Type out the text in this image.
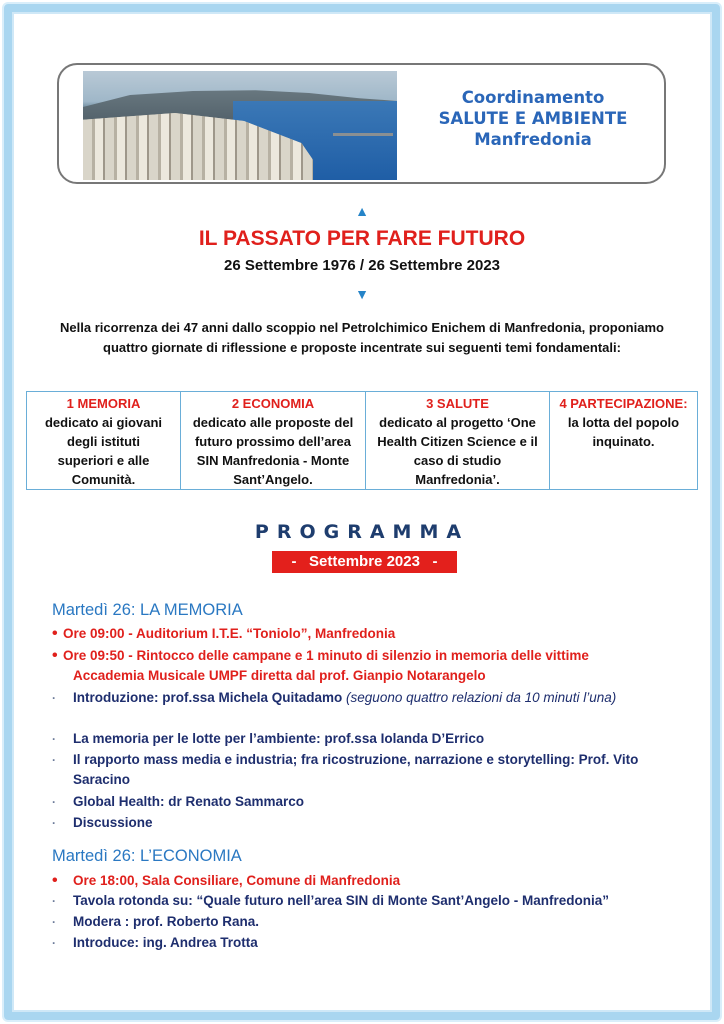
Coordinamento
SALUTE E AMBIENTE
Manfredonia
▲
IL PASSATO PER FARE FUTURO
26 Settembre 1976 / 26 Settembre 2023
▼
Nella ricorrenza dei 47 anni dallo scoppio nel Petrolchimico Enichem di Manfredonia, proponiamo quattro giornate di riflessione e proposte incentrate sui seguenti temi fondamentali:
1 MEMORIA
dedicato ai giovani degli istituti superiori e alle Comunità.

2 ECONOMIA
dedicato alle proposte del futuro prossimo dell’area SIN Manfredonia - Monte Sant’Angelo.

3 SALUTE
dedicato al progetto ‘One Health Citizen Science e il caso di studio Manfredonia’.

4 PARTECIPAZIONE:
la lotta del popolo inquinato.
PROGRAMMA
-   Settembre 2023   -
Martedì 26: LA MEMORIA
• Ore 09:00 - Auditorium I.T.E. “Toniolo”, Manfredonia
• Ore 09:50 - Rintocco delle campane e 1 minuto di silenzio in memoria delle vittime
Accademia Musicale UMPF diretta dal prof. Gianpio Notarangelo
·	Introduzione: prof.ssa Michela Quitadamo (seguono quattro relazioni da 10 minuti l’una)
·	La memoria per le lotte per l’ambiente: prof.ssa Iolanda D’Errico
·	Il rapporto mass media e industria; fra ricostruzione, narrazione e storytelling: Prof. Vito Saracino
·	Global Health: dr Renato Sammarco
·	Discussione
Martedì 26: L’ECONOMIA
•	Ore 18:00, Sala Consiliare, Comune di Manfredonia
·	Tavola rotonda su: “Quale futuro nell’area SIN di Monte Sant’Angelo - Manfredonia”
·	Modera : prof. Roberto Rana.
·	Introduce: ing. Andrea Trotta
